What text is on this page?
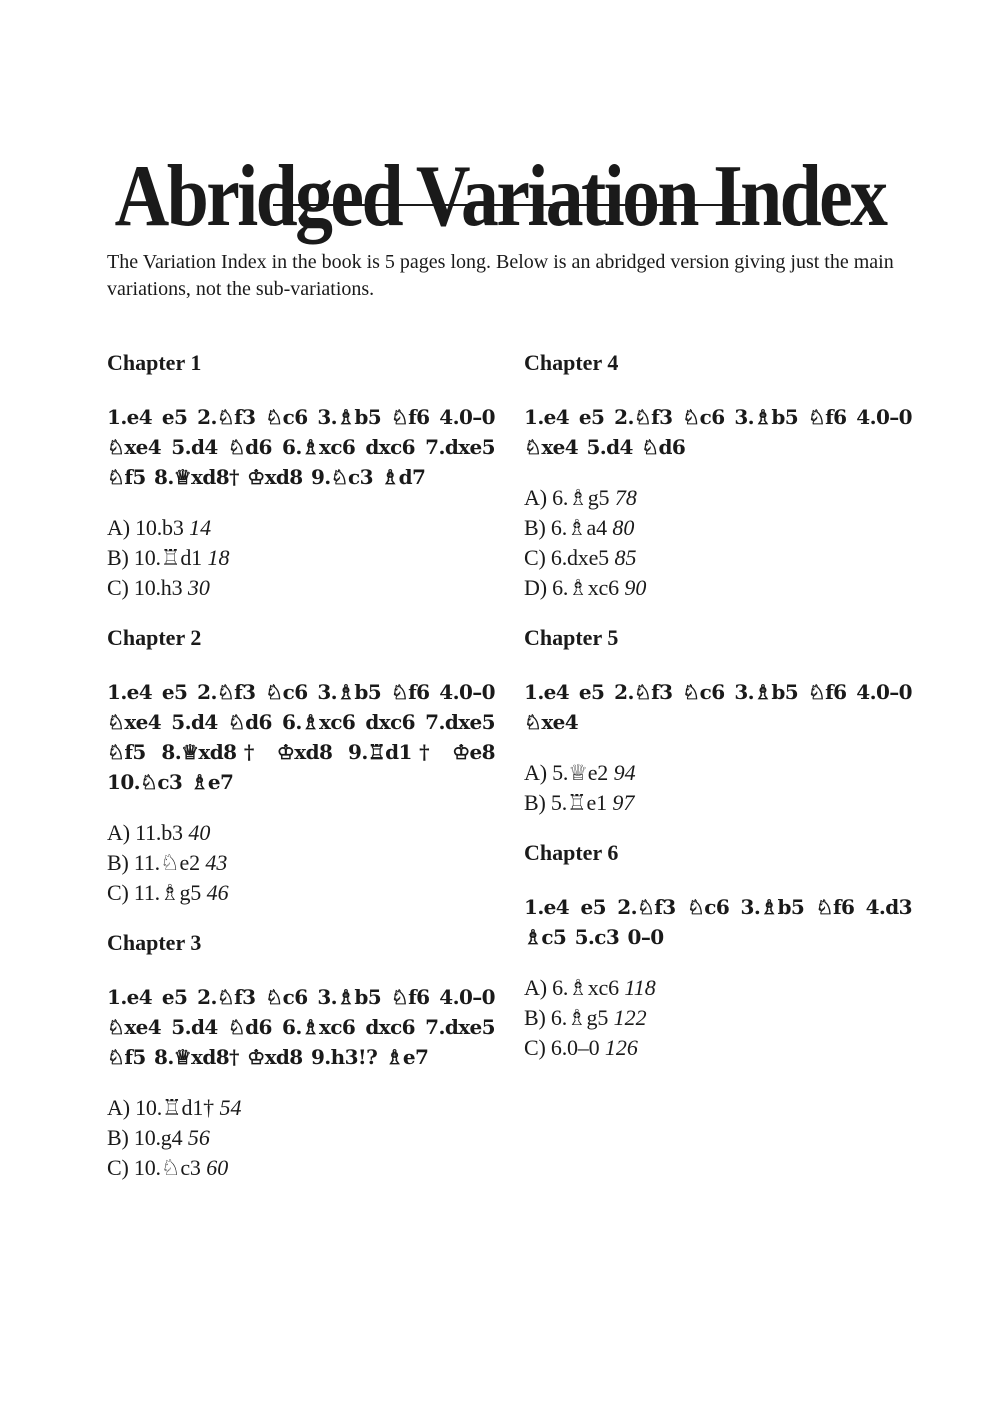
Abridged Variation Index

The Variation Index in the book is 5 pages long. Below is an abridged version giving just the main variations, not the sub-variations.

Chapter 1
1.e4 e5 2.♘f3 ♘c6 3.♗b5 ♘f6 4.0–0 ♘xe4 5.d4 ♘d6 6.♗xc6 dxc6 7.dxe5 ♘f5 8.♕xd8† ♔xd8 9.♘c3 ♗d7
A) 10.b3 14
B) 10.♖d1 18
C) 10.h3 30
Chapter 2
1.e4 e5 2.♘f3 ♘c6 3.♗b5 ♘f6 4.0–0 ♘xe4 5.d4 ♘d6 6.♗xc6 dxc6 7.dxe5 ♘f5 8.♕xd8† ♔xd8 9.♖d1† ♔e8 10.♘c3 ♗e7
A) 11.b3 40
B) 11.♘e2 43
C) 11.♗g5 46
Chapter 3
1.e4 e5 2.♘f3 ♘c6 3.♗b5 ♘f6 4.0–0 ♘xe4 5.d4 ♘d6 6.♗xc6 dxc6 7.dxe5 ♘f5 8.♕xd8† ♔xd8 9.h3!? ♗e7
A) 10.♖d1† 54
B) 10.g4 56
C) 10.♘c3 60
Chapter 4
1.e4 e5 2.♘f3 ♘c6 3.♗b5 ♘f6 4.0–0 ♘xe4 5.d4 ♘d6
A) 6.♗g5 78
B) 6.♗a4 80
C) 6.dxe5 85
D) 6.♗xc6 90
Chapter 5
1.e4 e5 2.♘f3 ♘c6 3.♗b5 ♘f6 4.0–0 ♘xe4
A) 5.♕e2 94
B) 5.♖e1 97
Chapter 6
1.e4 e5 2.♘f3 ♘c6 3.♗b5 ♘f6 4.d3 ♗c5 5.c3 0–0
A) 6.♗xc6 118
B) 6.♗g5 122
C) 6.0–0 126
